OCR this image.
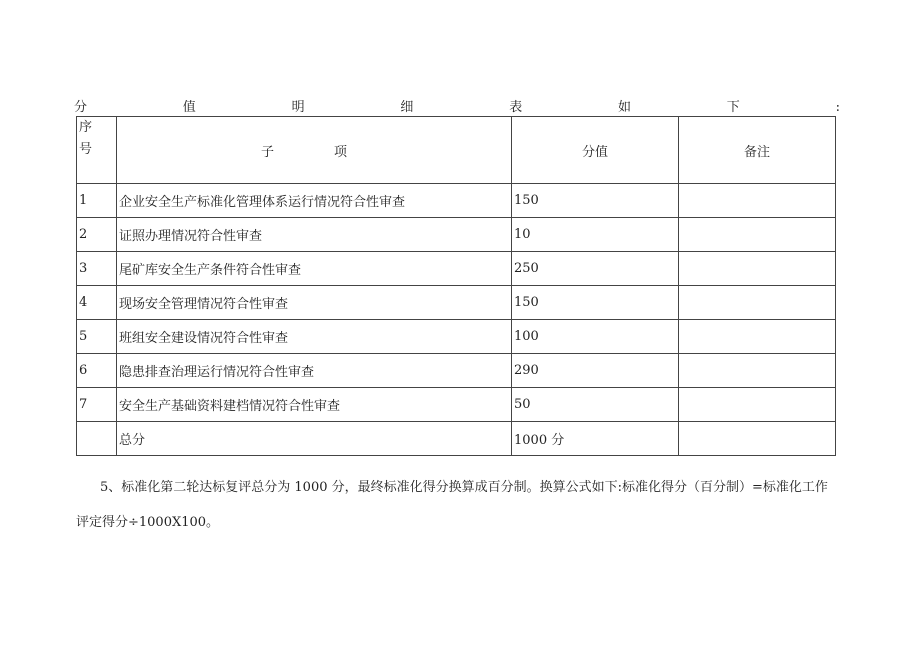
分	值	明	细	表	如	下	:
序
号	子 项	分值	备注
1	企业安全生产标准化管理体系运行情况符合性审查	150	
2	证照办理情况符合性审查	10	
3	尾矿库安全生产条件符合性审查	250	
4	现场安全管理情况符合性审查	150	
5	班组安全建设情况符合性审查	100	
6	隐患排查治理运行情况符合性审查	290	
7	安全生产基础资料建档情况符合性审查	50	
	总分	1000 分	
5、标准化第二轮达标复评总分为 1000 分，最终标准化得分换算成百分制。换算公式如下:标准化得分（百分制）=标准化工作
评定得分÷1000X100。
